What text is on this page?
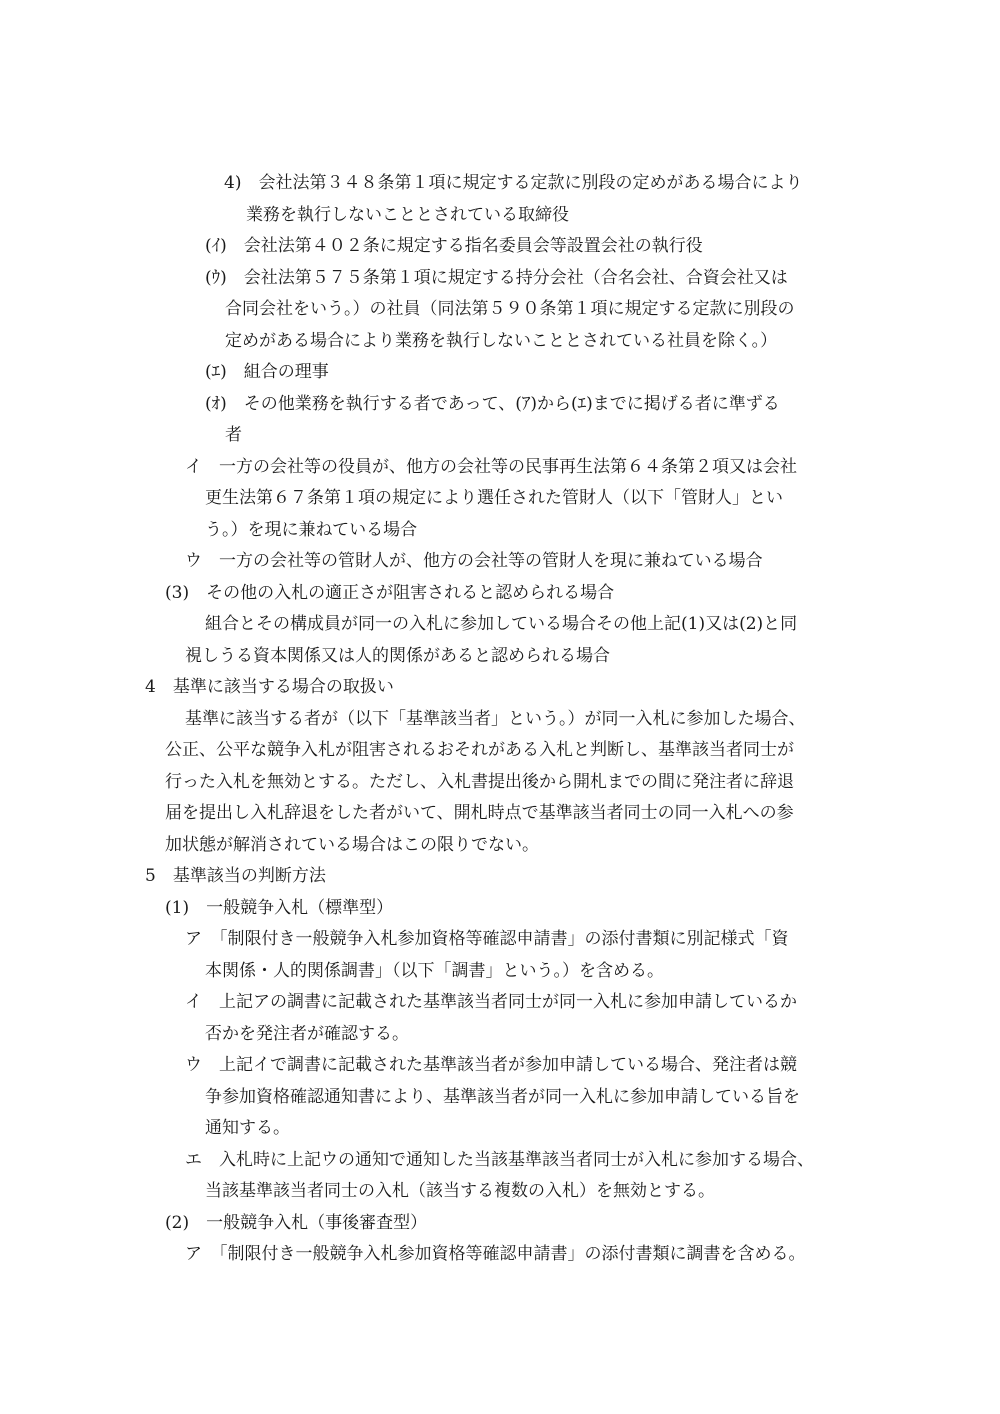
4)　会社法第３４８条第１項に規定する定款に別段の定めがある場合により
業務を執行しないこととされている取締役
(ｲ)　会社法第４０２条に規定する指名委員会等設置会社の執行役
(ｳ)　会社法第５７５条第１項に規定する持分会社（合名会社、合資会社又は
合同会社をいう。）の社員（同法第５９０条第１項に規定する定款に別段の
定めがある場合により業務を執行しないこととされている社員を除く。）
(ｴ)　組合の理事
(ｵ)　その他業務を執行する者であって、(ｱ)から(ｴ)までに掲げる者に準ずる
者
イ　一方の会社等の役員が、他方の会社等の民事再生法第６４条第２項又は会社
更生法第６７条第１項の規定により選任された管財人（以下「管財人」とい
う。）を現に兼ねている場合
ウ　一方の会社等の管財人が、他方の会社等の管財人を現に兼ねている場合
(3)　その他の入札の適正さが阻害されると認められる場合
組合とその構成員が同一の入札に参加している場合その他上記(1)又は(2)と同
視しうる資本関係又は人的関係があると認められる場合
4　基準に該当する場合の取扱い
基準に該当する者が（以下「基準該当者」という。）が同一入札に参加した場合、
公正、公平な競争入札が阻害されるおそれがある入札と判断し、基準該当者同士が
行った入札を無効とする。ただし、入札書提出後から開札までの間に発注者に辞退
届を提出し入札辞退をした者がいて、開札時点で基準該当者同士の同一入札への参
加状態が解消されている場合はこの限りでない。
5　基準該当の判断方法
(1)　一般競争入札（標準型）
ア　「制限付き一般競争入札参加資格等確認申請書」の添付書類に別記様式「資
本関係・人的関係調書」（以下「調書」という。）を含める。
イ　上記アの調書に記載された基準該当者同士が同一入札に参加申請しているか
否かを発注者が確認する。
ウ　上記イで調書に記載された基準該当者が参加申請している場合、発注者は競
争参加資格確認通知書により、基準該当者が同一入札に参加申請している旨を
通知する。
エ　入札時に上記ウの通知で通知した当該基準該当者同士が入札に参加する場合、
当該基準該当者同士の入札（該当する複数の入札）を無効とする。
(2)　一般競争入札（事後審査型）
ア　「制限付き一般競争入札参加資格等確認申請書」の添付書類に調書を含める。
